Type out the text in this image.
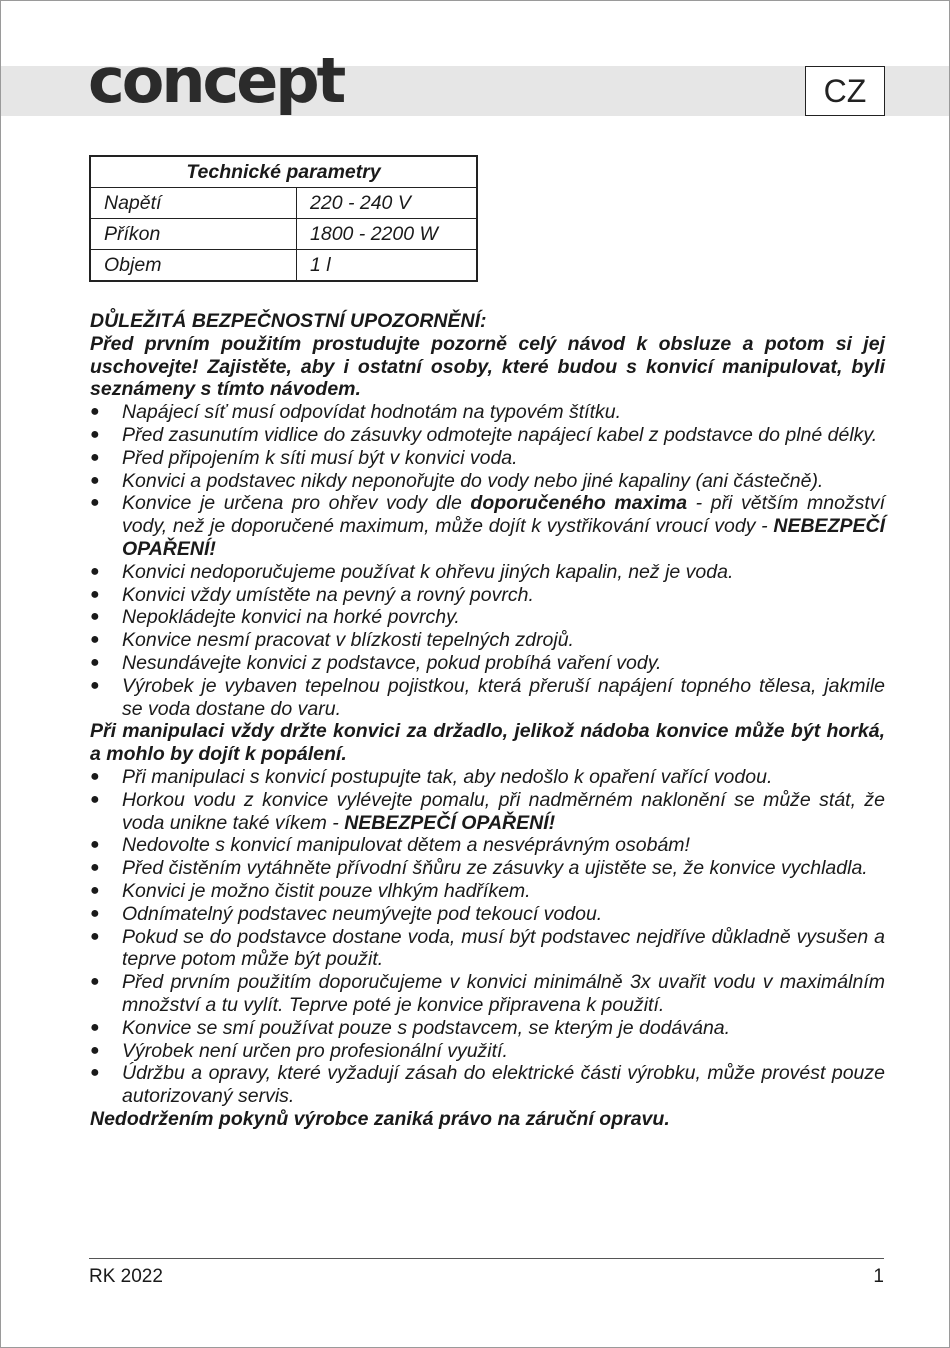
concept	CZ
Technické parametry	
Napětí	220 - 240 V
Příkon	1800 - 2200 W
Objem	1 l

DŮLEŽITÁ BEZPEČNOSTNÍ UPOZORNĚNÍ:

Před prvním použitím prostudujte pozorně celý návod k obsluze a potom si jej uschovejte! Zajistěte, aby i ostatní osoby, které budou s konvicí manipulovat, byli seznámeny s tímto návodem.

● Napájecí síť musí odpovídat hodnotám na typovém štítku.
● Před zasunutím vidlice do zásuvky odmotejte napájecí kabel z podstavce do plné délky.
● Před připojením k síti musí být v konvici voda.
● Konvici a podstavec nikdy neponořujte do vody nebo jiné kapaliny (ani částečně).
● Konvice je určena pro ohřev vody dle doporučeného maxima - při větším množství vody, než je doporučené maximum, může dojít k vystřikování vroucí vody - NEBEZPEČÍ OPAŘENÍ!
● Konvici nedoporučujeme používat k ohřevu jiných kapalin, než je voda.
● Konvici vždy umístěte na pevný a rovný povrch.
● Nepokládejte konvici na horké povrchy.
● Konvice nesmí pracovat v blízkosti tepelných zdrojů.
● Nesundávejte konvici z podstavce, pokud probíhá vaření vody.
● Výrobek je vybaven tepelnou pojistkou, která přeruší napájení topného tělesa, jakmile se voda dostane do varu.

Při manipulaci vždy držte konvici za držadlo, jelikož nádoba konvice může být horká, a mohlo by dojít k popálení.

● Při manipulaci s konvicí postupujte tak, aby nedošlo k opaření vařící vodou.
● Horkou vodu z konvice vylévejte pomalu, při nadměrném naklonění se může stát, že voda unikne také víkem - NEBEZPEČÍ OPAŘENÍ!
● Nedovolte s konvicí manipulovat dětem a nesvéprávným osobám!
● Před čistěním vytáhněte přívodní šňůru ze zásuvky a ujistěte se, že konvice vychladla.
● Konvici je možno čistit pouze vlhkým hadříkem.
● Odnímatelný podstavec neumývejte pod tekoucí vodou.
● Pokud se do podstavce dostane voda, musí být podstavec nejdříve důkladně vysušen a teprve potom může být použit.
● Před prvním použitím doporučujeme v konvici minimálně 3x uvařit vodu v maximálním množství a tu vylít. Teprve poté je konvice připravena k použití.
● Konvice se smí používat pouze s podstavcem, se kterým je dodávána.
● Výrobek není určen pro profesionální využití.
● Údržbu a opravy, které vyžadují zásah do elektrické části výrobku, může provést pouze autorizovaný servis.

Nedodržením pokynů výrobce zaniká právo na záruční opravu.

RK 2022	1
